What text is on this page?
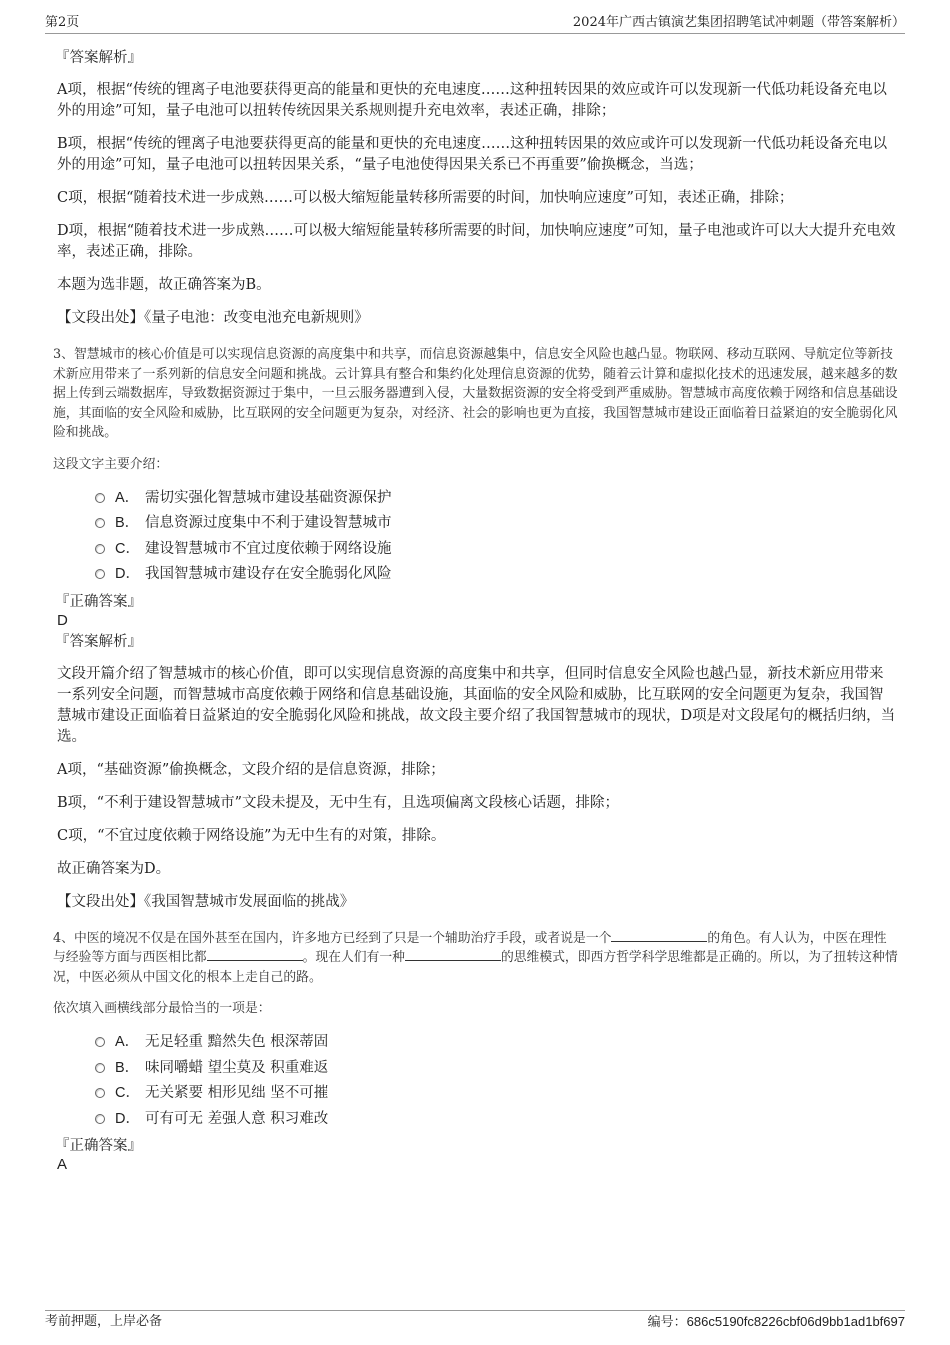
第2页	2024年广西古镇演艺集团招聘笔试冲刺题（带答案解析）
『答案解析』

A项，根据“传统的锂离子电池要获得更高的能量和更快的充电速度……这种扭转因果的效应或许可以发现新一代低功耗设备充电以外的用途”可知，量子电池可以扭转传统因果关系规则提升充电效率，表述正确，排除；

B项，根据“传统的锂离子电池要获得更高的能量和更快的充电速度……这种扭转因果的效应或许可以发现新一代低功耗设备充电以外的用途”可知，量子电池可以扭转因果关系，“量子电池使得因果关系已不再重要”偷换概念，当选；

C项，根据“随着技术进一步成熟……可以极大缩短能量转移所需要的时间，加快响应速度”可知，表述正确，排除；

D项，根据“随着技术进一步成熟……可以极大缩短能量转移所需要的时间，加快响应速度”可知，量子电池或许可以大大提升充电效率，表述正确，排除。

本题为选非题，故正确答案为B。

【文段出处】《量子电池：改变电池充电新规则》
3、智慧城市的核心价值是可以实现信息资源的高度集中和共享，而信息资源越集中，信息安全风险也越凸显。物联网、移动互联网、导航定位等新技术新应用带来了一系列新的信息安全问题和挑战。云计算具有整合和集约化处理信息资源的优势，随着云计算和虚拟化技术的迅速发展，越来越多的数据上传到云端数据库，导致数据资源过于集中，一旦云服务器遭到入侵，大量数据资源的安全将受到严重威胁。智慧城市高度依赖于网络和信息基础设施，其面临的安全风险和威胁，比互联网的安全问题更为复杂，对经济、社会的影响也更为直接，我国智慧城市建设正面临着日益紧迫的安全脆弱化风险和挑战。
这段文字主要介绍：
A． 需切实强化智慧城市建设基础资源保护
B． 信息资源过度集中不利于建设智慧城市
C． 建设智慧城市不宜过度依赖于网络设施
D． 我国智慧城市建设存在安全脆弱化风险
『正确答案』
D
『答案解析』

文段开篇介绍了智慧城市的核心价值，即可以实现信息资源的高度集中和共享，但同时信息安全风险也越凸显，新技术新应用带来一系列安全问题，而智慧城市高度依赖于网络和信息基础设施，其面临的安全风险和威胁，比互联网的安全问题更为复杂，我国智慧城市建设正面临着日益紧迫的安全脆弱化风险和挑战，故文段主要介绍了我国智慧城市的现状，D项是对文段尾句的概括归纳，当选。

A项，“基础资源”偷换概念，文段介绍的是信息资源，排除；

B项，“不利于建设智慧城市”文段未提及，无中生有，且选项偏离文段核心话题，排除；

C项，“不宜过度依赖于网络设施”为无中生有的对策，排除。

故正确答案为D。

【文段出处】《我国智慧城市发展面临的挑战》
4、中医的境况不仅是在国外甚至在国内，许多地方已经到了只是一个辅助治疗手段，或者说是一个	的角色。有人认为，中医在理性与经验等方面与西医相比都	。现在人们有一种	的思维模式，即西方哲学科学思维都是正确的。所以，为了扭转这种情况，中医必须从中国文化的根本上走自己的路。
依次填入画横线部分最恰当的一项是：
A． 无足轻重 黯然失色 根深蒂固
B． 味同嚼蜡 望尘莫及 积重难返
C． 无关紧要 相形见绌 坚不可摧
D． 可有可无 差强人意 积习难改
『正确答案』
A
考前押题，上岸必备	编号：686c5190fc8226cbf06d9bb1ad1bf697
